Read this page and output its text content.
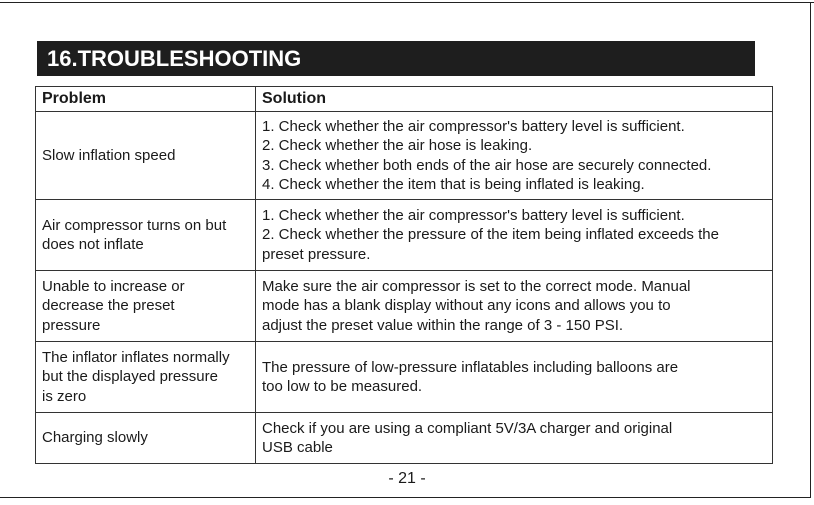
16.TROUBLESHOOTING
Problem	Solution

Slow inflation speed	1. Check whether the air compressor's battery level is sufficient.
2. Check whether the air hose is leaking.
3. Check whether both ends of the air hose are securely connected.
4. Check whether the item that is being inflated is leaking.

Air compressor turns on but
does not inflate	1. Check whether the air compressor's battery level is sufficient.
2. Check whether the pressure of the item being inflated exceeds the
preset pressure.

Unable to increase or
decrease the preset
pressure	Make sure the air compressor is set to the correct mode. Manual
mode has a blank display without any icons and allows you to
adjust the preset value within the range of 3 - 150 PSI.

The inflator inflates normally
but the displayed pressure
is zero	The pressure of low-pressure inflatables including balloons are
too low to be measured.

Charging slowly	Check if you are using a compliant 5V/3A charger and original
USB cable
- 21 -
